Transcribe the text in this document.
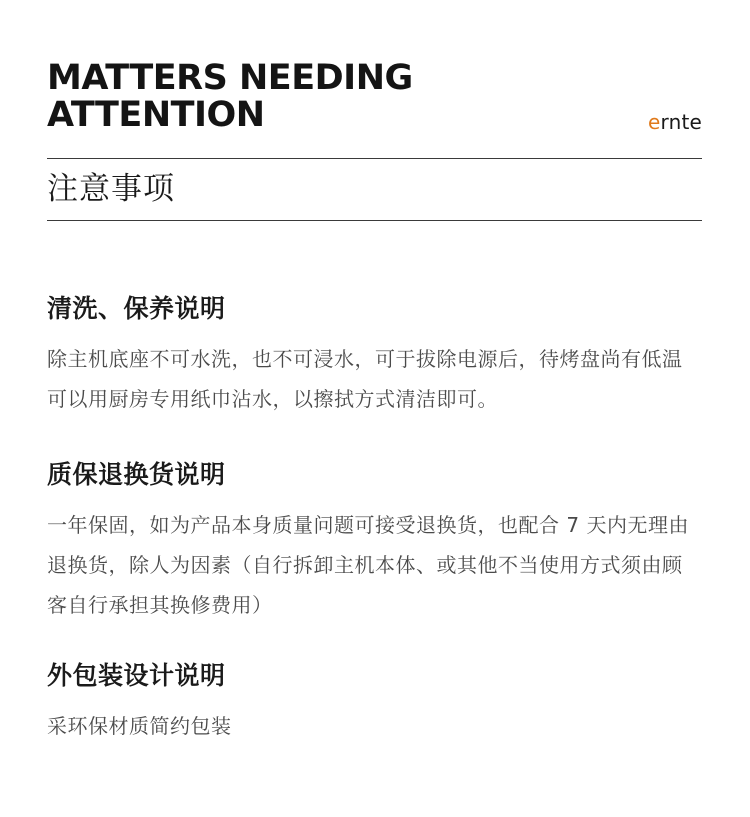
MATTERS NEEDING
ATTENTION	ernte
注意事项
清洗、保养说明

除主机底座不可水洗，也不可浸水，可于拔除电源后，待烤盘尚有低温可以用厨房专用纸巾沾水，以擦拭方式清洁即可。

质保退换货说明

一年保固，如为产品本身质量问题可接受退换货，也配合 7 天内无理由退换货，除人为因素（自行拆卸主机本体、或其他不当使用方式须由顾客自行承担其换修费用）

外包装设计说明

采环保材质简约包装
